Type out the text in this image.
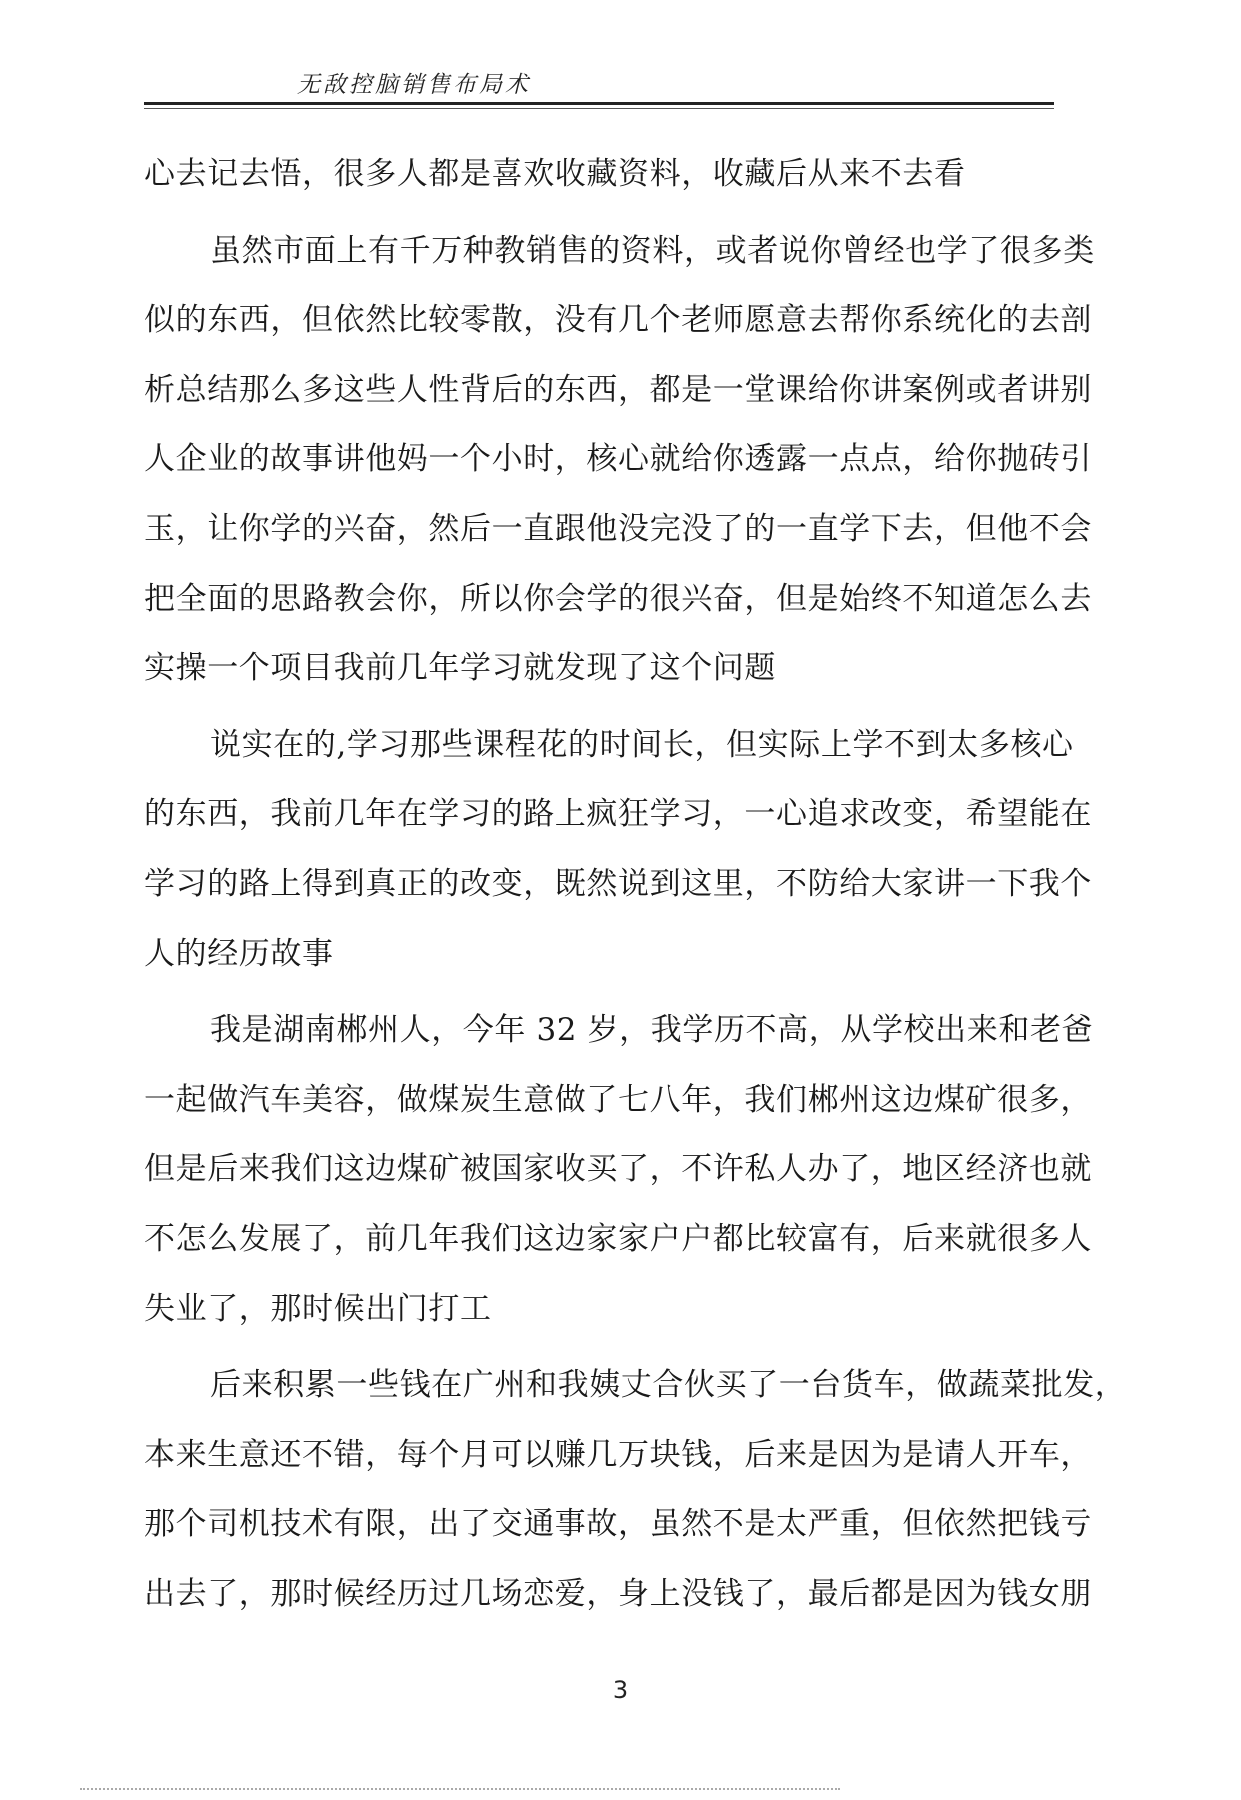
无敌控脑销售布局术
心去记去悟，很多人都是喜欢收藏资料，收藏后从来不去看
虽然市面上有千万种教销售的资料，或者说你曾经也学了很多类
似的东西，但依然比较零散，没有几个老师愿意去帮你系统化的去剖
析总结那么多这些人性背后的东西，都是一堂课给你讲案例或者讲别
人企业的故事讲他妈一个小时，核心就给你透露一点点，给你抛砖引
玉，让你学的兴奋，然后一直跟他没完没了的一直学下去，但他不会
把全面的思路教会你，所以你会学的很兴奋，但是始终不知道怎么去
实操一个项目我前几年学习就发现了这个问题
说实在的,学习那些课程花的时间长，但实际上学不到太多核心
的东西，我前几年在学习的路上疯狂学习，一心追求改变，希望能在
学习的路上得到真正的改变，既然说到这里，不防给大家讲一下我个
人的经历故事
我是湖南郴州人，今年 32 岁，我学历不高，从学校出来和老爸
一起做汽车美容，做煤炭生意做了七八年，我们郴州这边煤矿很多，
但是后来我们这边煤矿被国家收买了，不许私人办了，地区经济也就
不怎么发展了，前几年我们这边家家户户都比较富有，后来就很多人
失业了，那时候出门打工
后来积累一些钱在广州和我姨丈合伙买了一台货车，做蔬菜批发，
本来生意还不错，每个月可以赚几万块钱，后来是因为是请人开车，
那个司机技术有限，出了交通事故，虽然不是太严重，但依然把钱亏
出去了，那时候经历过几场恋爱，身上没钱了，最后都是因为钱女朋
3
